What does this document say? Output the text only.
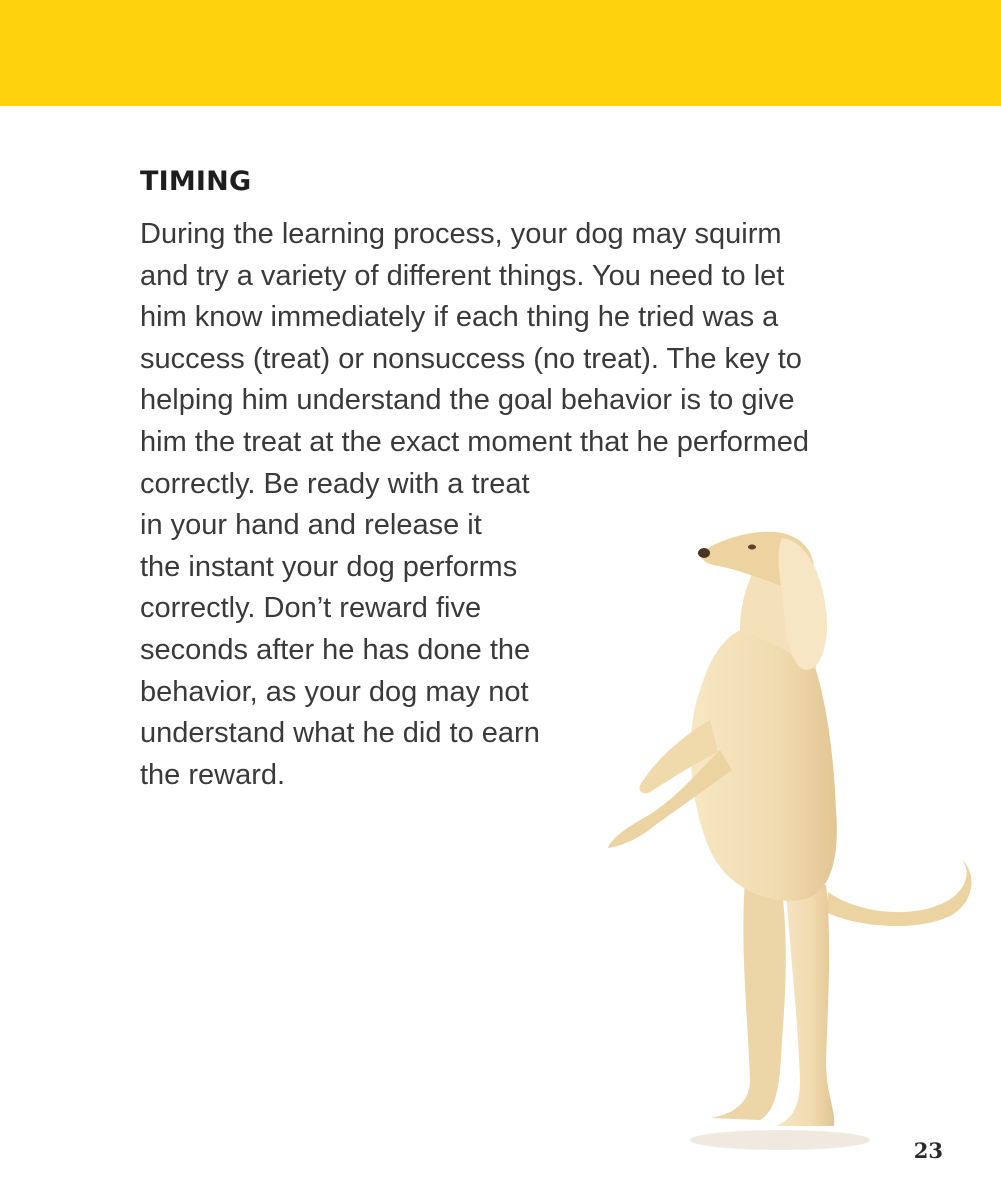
TIMING

During the learning process, your dog may squirm
and try a variety of different things. You need to let
him know immediately if each thing he tried was a
success (treat) or nonsuccess (no treat). The key to
helping him understand the goal behavior is to give
him the treat at the exact moment that he performed
correctly. Be ready with a treat
in your hand and release it
the instant your dog performs
correctly. Don’t reward five
seconds after he has done the
behavior, as your dog may not
understand what he did to earn
the reward.

23
